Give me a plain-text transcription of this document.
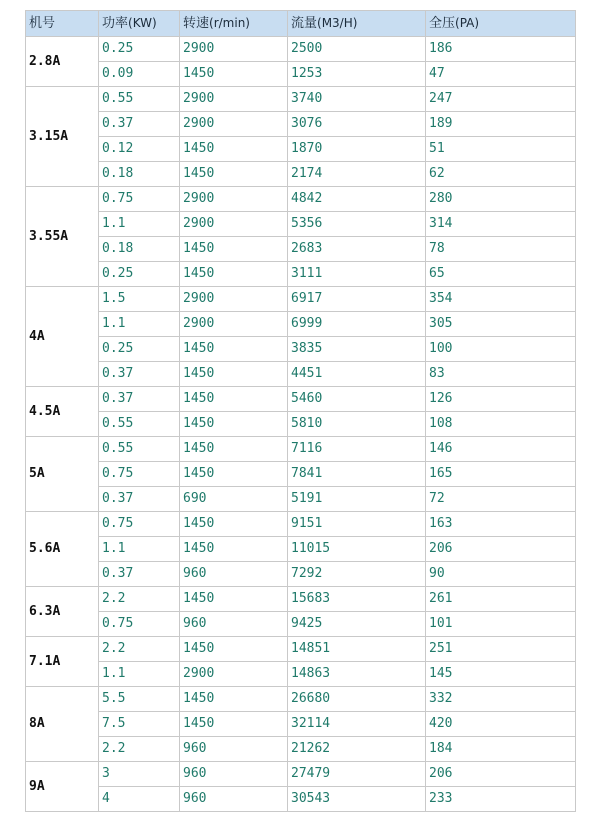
机号	功率(KW)	转速(r/min)	流量(M3/H)	全压(PA)
2.8A	0.25	2900	2500	186
	0.09	1450	1253	47
3.15A	0.55	2900	3740	247
	0.37	2900	3076	189
	0.12	1450	1870	51
	0.18	1450	2174	62
3.55A	0.75	2900	4842	280
	1.1	2900	5356	314
	0.18	1450	2683	78
	0.25	1450	3111	65
4A	1.5	2900	6917	354
	1.1	2900	6999	305
	0.25	1450	3835	100
	0.37	1450	4451	83
4.5A	0.37	1450	5460	126
	0.55	1450	5810	108
5A	0.55	1450	7116	146
	0.75	1450	7841	165
	0.37	690	5191	72
5.6A	0.75	1450	9151	163
	1.1	1450	11015	206
	0.37	960	7292	90
6.3A	2.2	1450	15683	261
	0.75	960	9425	101
7.1A	2.2	1450	14851	251
	1.1	2900	14863	145
8A	5.5	1450	26680	332
	7.5	1450	32114	420
	2.2	960	21262	184
9A	3	960	27479	206
	4	960	30543	233
